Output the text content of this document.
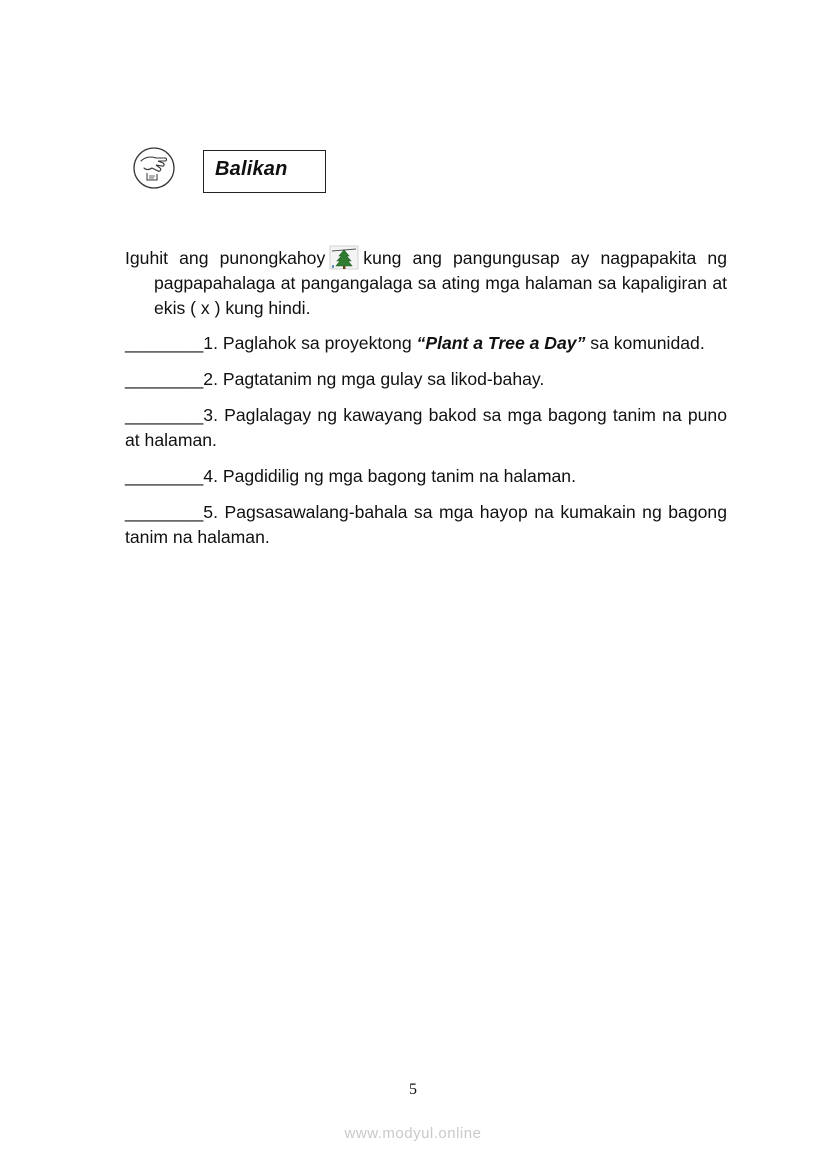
Balikan

Iguhit ang punongkahoy kung ang pangungusap ay nagpapakita ng pagpapahalaga at pangangalaga sa ating mga halaman sa kapaligiran at ekis ( x ) kung hindi.

________1. Paglahok sa proyektong “Plant a Tree a Day” sa komunidad.

________2. Pagtatanim ng mga gulay sa likod-bahay.

________3. Paglalagay ng kawayang bakod sa mga bagong tanim na puno at halaman.

________4. Pagdidilig ng mga bagong tanim na halaman.

________5. Pagsasawalang-bahala sa mga hayop na kumakain ng bagong tanim na halaman.

5
www.modyul.online
